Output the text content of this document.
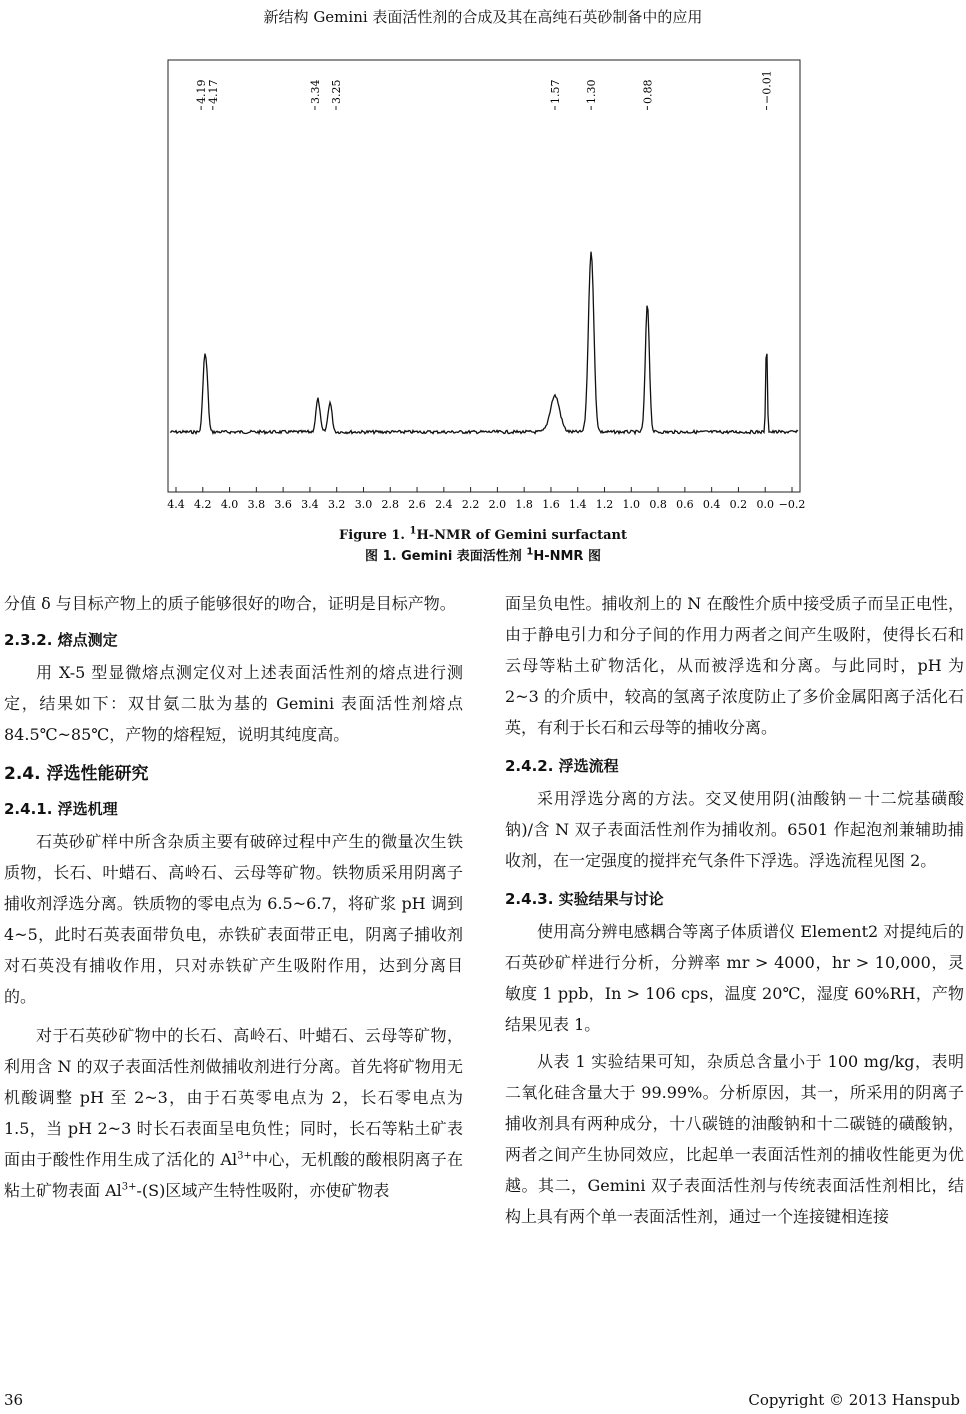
新结构 Gemini 表面活性剂的合成及其在高纯石英砂制备中的应用
4.19
4.17	3.34 3.25	1.57 1.30	0.88	−0.01
4.4 4.2 4.0 3.8 3.6 3.4 3.2 3.0 2.8 2.6 2.4 2.2 2.0 1.8 1.6 1.4 1.2 1.0 0.8 0.6 0.4 0.2 0.0 −0.2
Figure 1. $^1$H-NMR of Gemini surfactant
图 1. Gemini 表面活性剂 $^1$H-NMR 图

分值 δ 与目标产物上的质子能够很好的吻合，证明是目标产物。

2.3.2. 熔点测定

用 X-5 型显微熔点测定仪对上述表面活性剂的熔点进行测定，结果如下：双甘氨二肽为基的 Gemini 表面活性剂熔点 84.5℃~85℃，产物的熔程短，说明其纯度高。

2.4. 浮选性能研究
2.4.1. 浮选机理

石英砂矿样中所含杂质主要有破碎过程中产生的微量次生铁质物，长石、叶蜡石、高岭石、云母等矿物。铁物质采用阴离子捕收剂浮选分离。铁质物的零电点为 6.5~6.7，将矿浆 pH 调到 4~5，此时石英表面带负电，赤铁矿表面带正电，阴离子捕收剂对石英没有捕收作用，只对赤铁矿产生吸附作用，达到分离目的。

对于石英砂矿物中的长石、高岭石、叶蜡石、云母等矿物，利用含 N 的双子表面活性剂做捕收剂进行分离。首先将矿物用无机酸调整 pH 至 2~3，由于石英零电点为 2，长石零电点为 1.5，当 pH 2~3 时长石表面呈电负性；同时，长石等粘土矿表面由于酸性作用生成了活化的 $Al^{3+}$中心，无机酸的酸根阴离子在粘土矿物表面 $Al^{3+}-(S)$区域产生特性吸附，亦使矿物表

面呈负电性。捕收剂上的 N 在酸性介质中接受质子而呈正电性，由于静电引力和分子间的作用力两者之间产生吸附，使得长石和云母等粘土矿物活化，从而被浮选和分离。与此同时，pH 为 2~3 的介质中，较高的氢离子浓度防止了多价金属阳离子活化石英，有利于长石和云母等的捕收分离。

2.4.2. 浮选流程

采用浮选分离的方法。交叉使用阴(油酸钠－十二烷基磺酸钠)/含 N 双子表面活性剂作为捕收剂。6501 作起泡剂兼辅助捕收剂，在一定强度的搅拌充气条件下浮选。浮选流程见图 2。

2.4.3. 实验结果与讨论

使用高分辨电感耦合等离子体质谱仪 Element2 对提纯后的石英砂矿样进行分析，分辨率 mr > 4000，hr > 10,000，灵敏度 1 ppb，In > 106 cps，温度 20℃，湿度 60%RH，产物结果见表 1。

从表 1 实验结果可知，杂质总含量小于 100 mg/kg，表明二氧化硅含量大于 99.99%。分析原因，其一，所采用的阴离子捕收剂具有两种成分，十八碳链的油酸钠和十二碳链的磺酸钠，两者之间产生协同效应，比起单一表面活性剂的捕收性能更为优越。其二，Gemini 双子表面活性剂与传统表面活性剂相比，结构上具有两个单一表面活性剂，通过一个连接键相连接

36	Copyright © 2013 Hanspub
